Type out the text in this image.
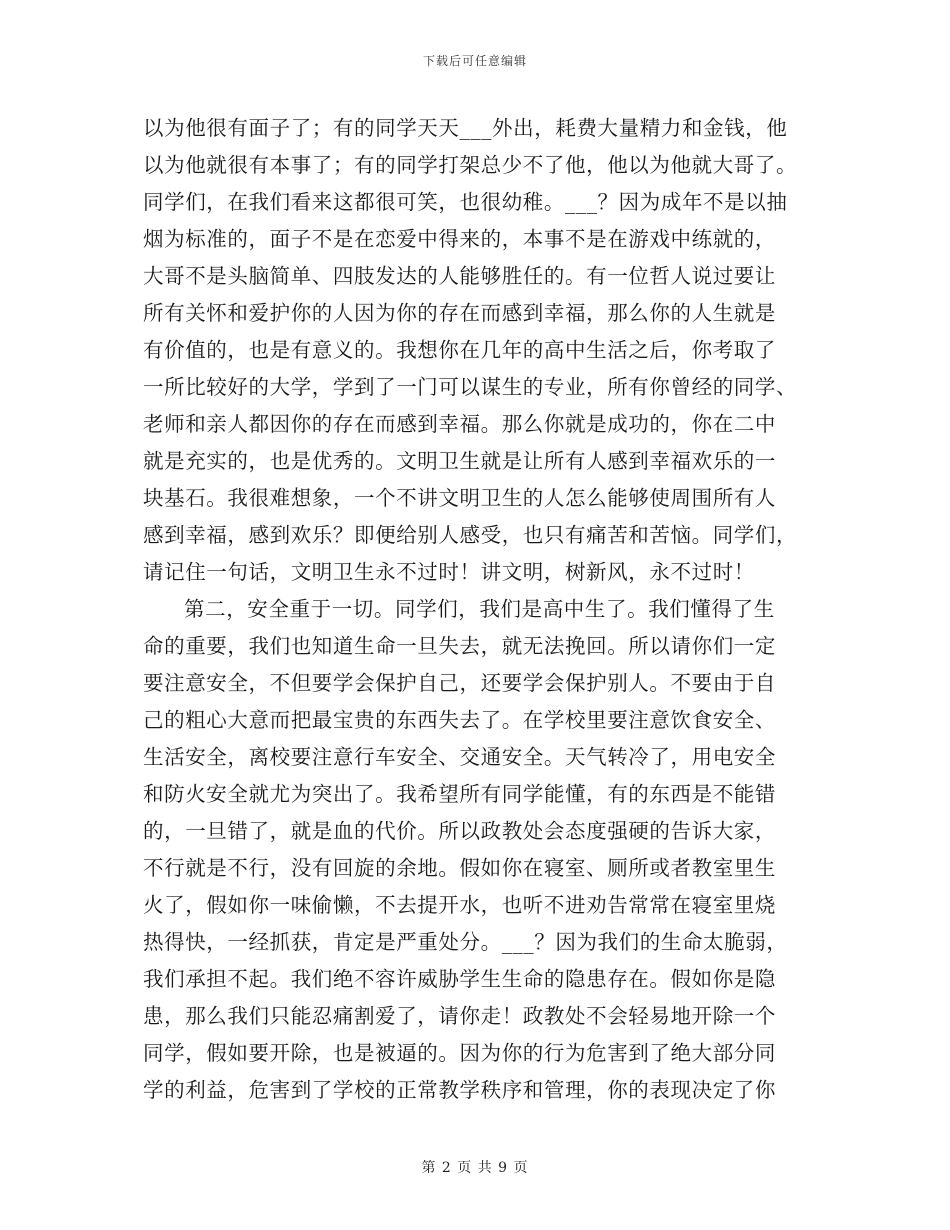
下载后可任意编辑
以为他很有面子了；有的同学天天___外出，耗费大量精力和金钱，他
以为他就很有本事了；有的同学打架总少不了他，他以为他就大哥了。
同学们，在我们看来这都很可笑，也很幼稚。___？因为成年不是以抽
烟为标准的，面子不是在恋爱中得来的，本事不是在游戏中练就的，
大哥不是头脑简单、四肢发达的人能够胜任的。有一位哲人说过要让
所有关怀和爱护你的人因为你的存在而感到幸福，那么你的人生就是
有价值的，也是有意义的。我想你在几年的高中生活之后，你考取了
一所比较好的大学，学到了一门可以谋生的专业，所有你曾经的同学、
老师和亲人都因你的存在而感到幸福。那么你就是成功的，你在二中
就是充实的，也是优秀的。文明卫生就是让所有人感到幸福欢乐的一
块基石。我很难想象，一个不讲文明卫生的人怎么能够使周围所有人
感到幸福，感到欢乐？即便给别人感受，也只有痛苦和苦恼。同学们，
请记住一句话，文明卫生永不过时！讲文明，树新风，永不过时！
第二，安全重于一切。同学们，我们是高中生了。我们懂得了生
命的重要，我们也知道生命一旦失去，就无法挽回。所以请你们一定
要注意安全，不但要学会保护自己，还要学会保护别人。不要由于自
己的粗心大意而把最宝贵的东西失去了。在学校里要注意饮食安全、
生活安全，离校要注意行车安全、交通安全。天气转冷了，用电安全
和防火安全就尤为突出了。我希望所有同学能懂，有的东西是不能错
的，一旦错了，就是血的代价。所以政教处会态度强硬的告诉大家，
不行就是不行，没有回旋的余地。假如你在寝室、厕所或者教室里生
火了，假如你一味偷懒，不去提开水，也听不进劝告常常在寝室里烧
热得快，一经抓获，肯定是严重处分。___？因为我们的生命太脆弱，
我们承担不起。我们绝不容许威胁学生生命的隐患存在。假如你是隐
患，那么我们只能忍痛割爱了，请你走！政教处不会轻易地开除一个
同学，假如要开除，也是被逼的。因为你的行为危害到了绝大部分同
学的利益，危害到了学校的正常教学秩序和管理，你的表现决定了你
第 2 页 共 9 页
